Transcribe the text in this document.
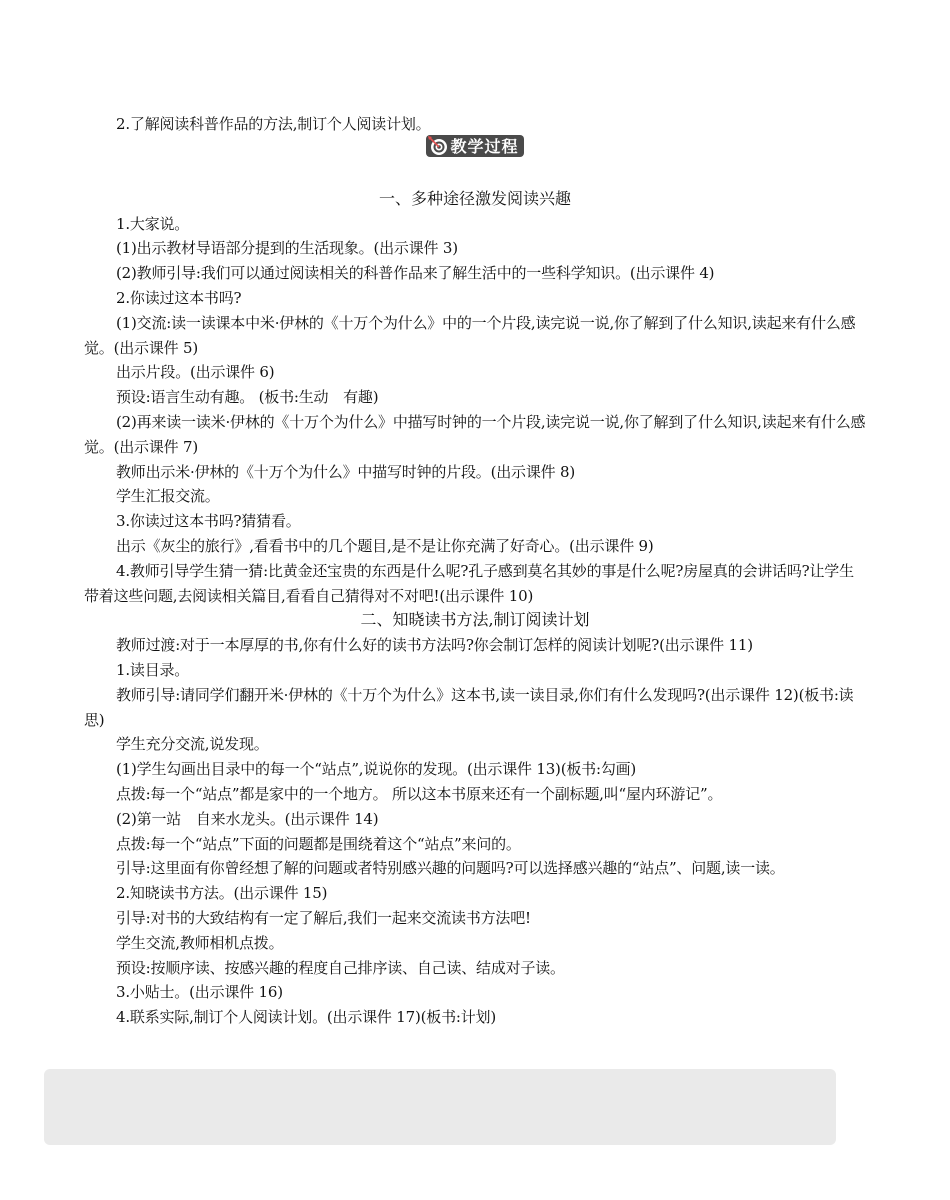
2.了解阅读科普作品的方法,制订个人阅读计划。
教学过程
一、多种途径激发阅读兴趣
1.大家说。
(1)出示教材导语部分提到的生活现象。(出示课件 3)
(2)教师引导:我们可以通过阅读相关的科普作品来了解生活中的一些科学知识。(出示课件 4)
2.你读过这本书吗?
(1)交流:读一读课本中米·伊林的《十万个为什么》中的一个片段,读完说一说,你了解到了什么知识,读起来有什么感觉。(出示课件 5)
出示片段。(出示课件 6)
预设:语言生动有趣。 (板书:生动　有趣)
(2)再来读一读米·伊林的《十万个为什么》中描写时钟的一个片段,读完说一说,你了解到了什么知识,读起来有什么感觉。(出示课件 7)
教师出示米·伊林的《十万个为什么》中描写时钟的片段。(出示课件 8)
学生汇报交流。
3.你读过这本书吗?猜猜看。
出示《灰尘的旅行》,看看书中的几个题目,是不是让你充满了好奇心。(出示课件 9)
4.教师引导学生猜一猜:比黄金还宝贵的东西是什么呢?孔子感到莫名其妙的事是什么呢?房屋真的会讲话吗?让学生带着这些问题,去阅读相关篇目,看看自己猜得对不对吧!(出示课件 10)
二、知晓读书方法,制订阅读计划
教师过渡:对于一本厚厚的书,你有什么好的读书方法吗?你会制订怎样的阅读计划呢?(出示课件 11)
1.读目录。
教师引导:请同学们翻开米·伊林的《十万个为什么》这本书,读一读目录,你们有什么发现吗?(出示课件 12)(板书:读思)
学生充分交流,说发现。
(1)学生勾画出目录中的每一个“站点”,说说你的发现。(出示课件 13)(板书:勾画)
点拨:每一个“站点”都是家中的一个地方。 所以这本书原来还有一个副标题,叫“屋内环游记”。
(2)第一站　自来水龙头。(出示课件 14)
点拨:每一个“站点”下面的问题都是围绕着这个“站点”来问的。
引导:这里面有你曾经想了解的问题或者特别感兴趣的问题吗?可以选择感兴趣的“站点”、问题,读一读。
2.知晓读书方法。(出示课件 15)
引导:对书的大致结构有一定了解后,我们一起来交流读书方法吧!
学生交流,教师相机点拨。
预设:按顺序读、按感兴趣的程度自己排序读、自己读、结成对子读。
3.小贴士。(出示课件 16)
4.联系实际,制订个人阅读计划。(出示课件 17)(板书:计划)
